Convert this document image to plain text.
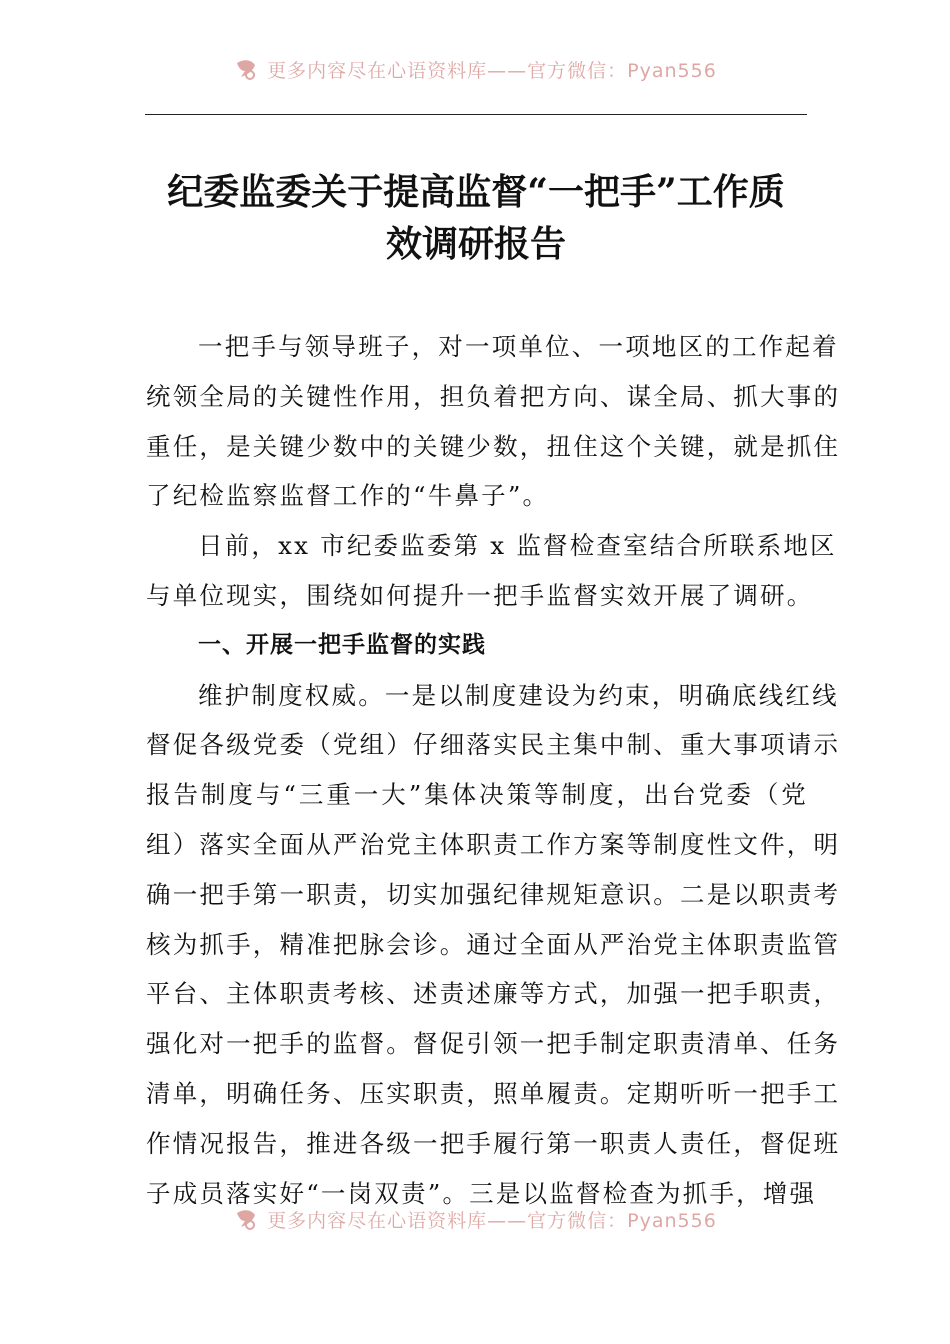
更多内容尽在心语资料库——官方微信：Pyan556
纪委监委关于提高监督“一把手”工作质
效调研报告
一把手与领导班子，对一项单位、一项地区的工作起着
统领全局的关键性作用，担负着把方向、谋全局、抓大事的
重任，是关键少数中的关键少数，扭住这个关键，就是抓住
了纪检监察监督工作的“牛鼻子”。
日前，xx 市纪委监委第 x 监督检查室结合所联系地区
与单位现实，围绕如何提升一把手监督实效开展了调研。
一、开展一把手监督的实践
维护制度权威。一是以制度建设为约束，明确底线红线
督促各级党委（党组）仔细落实民主集中制、重大事项请示
报告制度与“三重一大”集体决策等制度，出台党委（党
组）落实全面从严治党主体职责工作方案等制度性文件，明
确一把手第一职责，切实加强纪律规矩意识。二是以职责考
核为抓手，精准把脉会诊。通过全面从严治党主体职责监管
平台、主体职责考核、述责述廉等方式，加强一把手职责，
强化对一把手的监督。督促引领一把手制定职责清单、任务
清单，明确任务、压实职责，照单履责。定期听听一把手工
作情况报告，推进各级一把手履行第一职责人责任，督促班
子成员落实好“一岗双责”。三是以监督检查为抓手，增强
更多内容尽在心语资料库——官方微信：Pyan556
